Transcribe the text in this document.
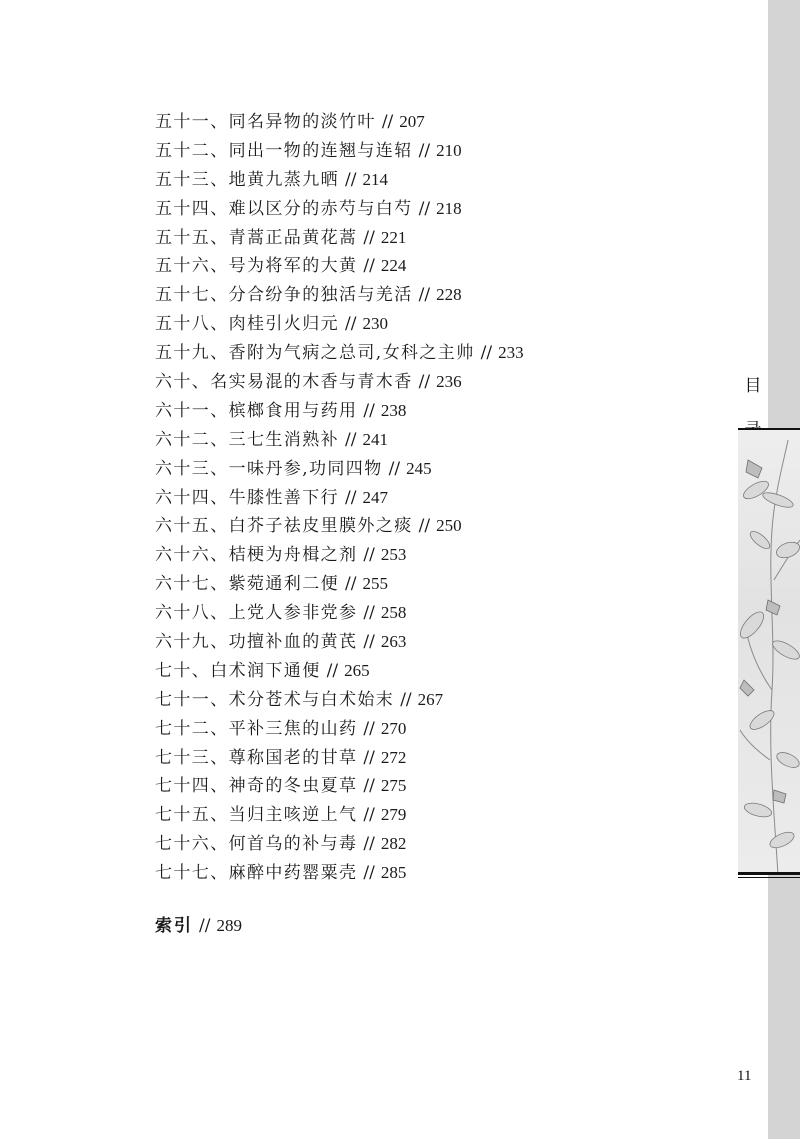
五十一、同名异物的淡竹叶 // 207
五十二、同出一物的连翘与连轺 // 210
五十三、地黄九蒸九晒 // 214
五十四、难以区分的赤芍与白芍 // 218
五十五、青蒿正品黄花蒿 // 221
五十六、号为将军的大黄 // 224
五十七、分合纷争的独活与羌活 // 228
五十八、肉桂引火归元 // 230
五十九、香附为气病之总司,女科之主帅 // 233
六十、名实易混的木香与青木香 // 236
六十一、槟榔食用与药用 // 238
六十二、三七生消熟补 // 241
六十三、一味丹参,功同四物 // 245
六十四、牛膝性善下行 // 247
六十五、白芥子祛皮里膜外之痰 // 250
六十六、桔梗为舟楫之剂 // 253
六十七、紫菀通利二便 // 255
六十八、上党人参非党参 // 258
六十九、功擅补血的黄芪 // 263
七十、白术润下通便 // 265
七十一、术分苍术与白术始末 // 267
七十二、平补三焦的山药 // 270
七十三、尊称国老的甘草 // 272
七十四、神奇的冬虫夏草 // 275
七十五、当归主咳逆上气 // 279
七十六、何首乌的补与毒 // 282
七十七、麻醉中药罂粟壳 // 285
索引 // 289
目
11
